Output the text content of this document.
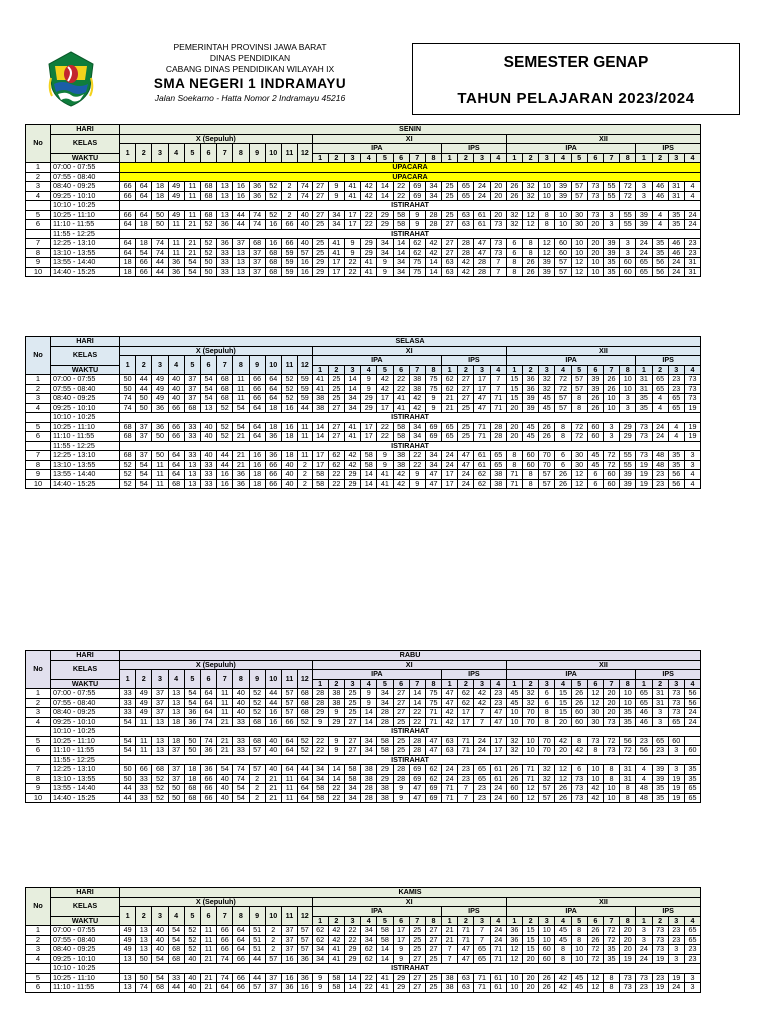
PEMERINTAH PROVINSI JAWA BARAT
DINAS PENDIDIKAN
CABANG DINAS PENDIDIKAN WILAYAH IX
SMA NEGERI 1 INDRAMAYU
Jalan Soekarno - Hatta Nomor 2 Indramayu 45216
SEMESTER GENAP
TAHUN PELAJARAN 2023/2024
No	HARI	SENIN																																			
	KELAS	X (Sepuluh)												XI												XII											
		1	2	3	4	5	6	7	8	9	10	11	12	IPA								IPS				IPA								IPS			
	WAKTU													1	2	3	4	5	6	7	8	1	2	3	4	1	2	3	4	5	6	7	8	1	2	3	4
1	07:00 - 07:55	UPACARA																																			
2	07:55 - 08:40	UPACARA																																			
3	08:40 - 09:25	66	64	18	49	11	68	13	16	36	52	2	74	27	9	41	42	14	22	69	34	25	65	24	20	26	32	10	39	57	73	55	72	3	46	31	4
4	09:25 - 10:10	66	64	18	49	11	68	13	16	36	52	2	74	27	9	41	42	14	22	69	34	25	65	24	20	26	32	10	39	57	73	55	72	3	46	31	4
	10:10 - 10:25	ISTIRAHAT																																			
5	10:25 - 11:10	66	64	50	49	11	68	13	44	74	52	2	40	27	34	17	22	29	58	9	28	25	63	61	20	32	12	8	10	30	73	3	55	39	4	35	24
6	11:10 - 11:55	64	18	50	11	21	52	36	44	74	16	66	40	25	34	17	22	29	58	9	28	27	63	61	73	32	12	8	10	30	20	3	55	39	4	35	24
	11:55 - 12:25	ISTIRAHAT																																			
7	12:25 - 13:10	64	18	74	11	21	52	36	37	68	16	66	40	25	41	9	29	34	14	62	42	27	28	47	73	6	8	12	60	10	20	39	3	24	35	46	23
8	13:10 - 13:55	64	54	74	11	21	52	33	13	37	68	59	57	25	41	9	29	34	14	62	42	27	28	47	73	6	8	12	60	10	20	39	3	24	35	46	23
9	13:55 - 14:40	18	66	44	36	54	50	33	13	37	68	59	16	29	17	22	41	9	34	75	14	63	42	28	7	8	26	39	57	12	10	35	60	65	56	24	31
10	14:40 - 15:25	18	66	44	36	54	50	33	13	37	68	59	16	29	17	22	41	9	34	75	14	63	42	28	7	8	26	39	57	12	10	35	60	65	56	24	31
No	HARI	SELASA																																			
	KELAS	X (Sepuluh)												XI												XII											
		1	2	3	4	5	6	7	8	9	10	11	12	IPA								IPS				IPA								IPS			
	WAKTU													1	2	3	4	5	6	7	8	1	2	3	4	1	2	3	4	5	6	7	8	1	2	3	4
1	07:00 - 07:55	50	44	49	40	37	54	68	11	66	64	52	59	41	25	14	9	42	22	38	75	62	27	17	7	15	36	32	72	57	39	26	10	31	65	23	73
2	07:55 - 08:40	50	44	49	40	37	54	68	11	66	64	52	59	41	25	14	9	42	22	38	75	62	27	17	7	15	36	32	72	57	39	26	10	31	65	23	73
3	08:40 - 09:25	74	50	49	40	37	54	68	11	66	64	52	59	38	25	34	29	17	41	42	9	21	27	47	71	15	39	45	57	8	26	10	3	35	4	65	73
4	09:25 - 10:10	74	50	36	66	68	13	52	54	64	18	16	44	38	27	34	29	17	41	42	9	21	25	47	71	20	39	45	57	8	26	10	3	35	4	65	19
	10:10 - 10:25	ISTIRAHAT																																			
5	10:25 - 11:10	68	37	36	66	33	40	52	54	64	18	16	11	14	27	41	17	22	58	34	69	65	25	71	28	20	45	26	8	72	60	3	29	73	24	4	19
6	11:10 - 11:55	68	37	50	66	33	40	52	21	64	36	18	11	14	27	41	17	22	58	34	69	65	25	71	28	20	45	26	8	72	60	3	29	73	24	4	19
	11:55 - 12:25	ISTIRAHAT																																			
7	12:25 - 13:10	68	37	50	64	33	40	44	21	16	36	18	11	17	62	42	58	9	38	22	34	24	47	61	65	8	60	70	6	30	45	72	55	73	48	35	3
8	13:10 - 13:55	52	54	11	64	13	33	44	21	16	66	40	2	17	62	42	58	9	38	22	34	24	47	61	65	8	60	70	6	30	45	72	55	19	48	35	3
9	13:55 - 14:40	52	54	11	64	13	33	16	36	18	66	40	2	58	22	29	14	41	42	9	47	17	24	62	38	71	8	57	26	12	6	60	39	19	23	56	4
10	14:40 - 15:25	52	54	11	68	13	33	16	36	18	66	40	2	58	22	29	14	41	42	9	47	17	24	62	38	71	8	57	26	12	6	60	39	19	23	56	4
No	HARI	RABU																																			
	KELAS	X (Sepuluh)												XI												XII											
		1	2	3	4	5	6	7	8	9	10	11	12	IPA								IPS				IPA								IPS			
	WAKTU													1	2	3	4	5	6	7	8	1	2	3	4	1	2	3	4	5	6	7	8	1	2	3	4
1	07:00 - 07:55	33	49	37	13	54	64	11	40	52	44	57	68	28	38	25	9	34	27	14	75	47	62	42	23	45	32	6	15	26	12	20	10	65	31	73	56
2	07:55 - 08:40	33	49	37	13	54	64	11	40	52	44	57	68	28	38	25	9	34	27	14	75	47	62	42	23	45	32	6	15	26	12	20	10	65	31	73	56
3	08:40 - 09:25	33	49	37	13	36	64	11	40	52	16	57	68	29	9	25	14	28	27	22	71	42	17	7	47	10	70	8	15	60	30	20	35	46	3	73	24
4	09:25 - 10:10	54	11	13	18	36	74	21	33	68	16	66	52	9	29	27	14	28	25	22	71	42	17	7	47	10	70	8	20	60	30	73	35	46	3	65	24
	10:10 - 10:25	ISTIRAHAT																																			
5	10:25 - 11:10	54	11	13	18	50	74	21	33	68	40	64	52	22	9	27	34	58	25	28	47	63	71	24	17	32	10	70	42	8	73	72	56	23	65	60	
6	11:10 - 11:55	54	11	13	37	50	36	21	33	57	40	64	52	22	9	27	34	58	25	28	47	63	71	24	17	32	10	70	20	42	8	73	72	56	23	3	60
	11:55 - 12:25	ISTIRAHAT																																			
7	12:25 - 13:10	50	66	68	37	18	36	54	74	57	40	64	44	34	14	58	38	29	28	69	62	24	23	65	61	26	71	32	12	6	10	8	31	4	39	3	35
8	13:10 - 13:55	50	33	52	37	18	66	40	74	2	21	11	64	34	14	58	38	29	28	69	62	24	23	65	61	26	71	32	12	73	10	8	31	4	39	19	35
9	13:55 - 14:40	44	33	52	50	68	66	40	54	2	21	11	64	58	22	34	28	38	9	47	69	71	7	23	24	60	12	57	26	73	42	10	8	48	35	19	65
10	14:40 - 15:25	44	33	52	50	68	66	40	54	2	21	11	64	58	22	34	28	38	9	47	69	71	7	23	24	60	12	57	26	73	42	10	8	48	35	19	65
No	HARI	KAMIS																																			
	KELAS	X (Sepuluh)												XI												XII											
		1	2	3	4	5	6	7	8	9	10	11	12	IPA								IPS				IPA								IPS			
	WAKTU													1	2	3	4	5	6	7	8	1	2	3	4	1	2	3	4	5	6	7	8	1	2	3	4
1	07:00 - 07:55	49	13	40	54	52	11	66	64	51	2	37	57	62	42	22	34	58	17	25	27	21	71	7	24	36	15	10	45	8	26	72	20	3	73	23	65
2	07:55 - 08:40	49	13	40	54	52	11	66	64	51	2	37	57	62	42	22	34	58	17	25	27	21	71	7	24	36	15	10	45	8	26	72	20	3	73	23	65
3	08:40 - 09:25	49	13	40	68	52	11	66	64	51	2	37	57	34	41	29	62	14	9	25	27	7	47	65	71	12	15	60	8	10	72	35	20	24	73	3	23
4	09:25 - 10:10	13	50	54	68	40	21	74	66	44	57	16	36	34	41	29	62	14	9	27	25	7	47	65	71	12	20	60	8	10	72	35	19	24	19	3	23
	10:10 - 10:25	ISTIRAHAT																																			
5	10:25 - 11:10	13	50	54	33	40	21	74	66	44	37	16	36	9	58	14	22	41	29	27	25	38	63	71	61	10	20	26	42	45	12	8	73	73	23	19	3
6	11:10 - 11:55	13	74	68	44	40	21	64	66	57	37	36	16	9	58	14	22	41	29	27	25	38	63	71	61	10	20	26	42	45	12	8	73	23	19	24	3
